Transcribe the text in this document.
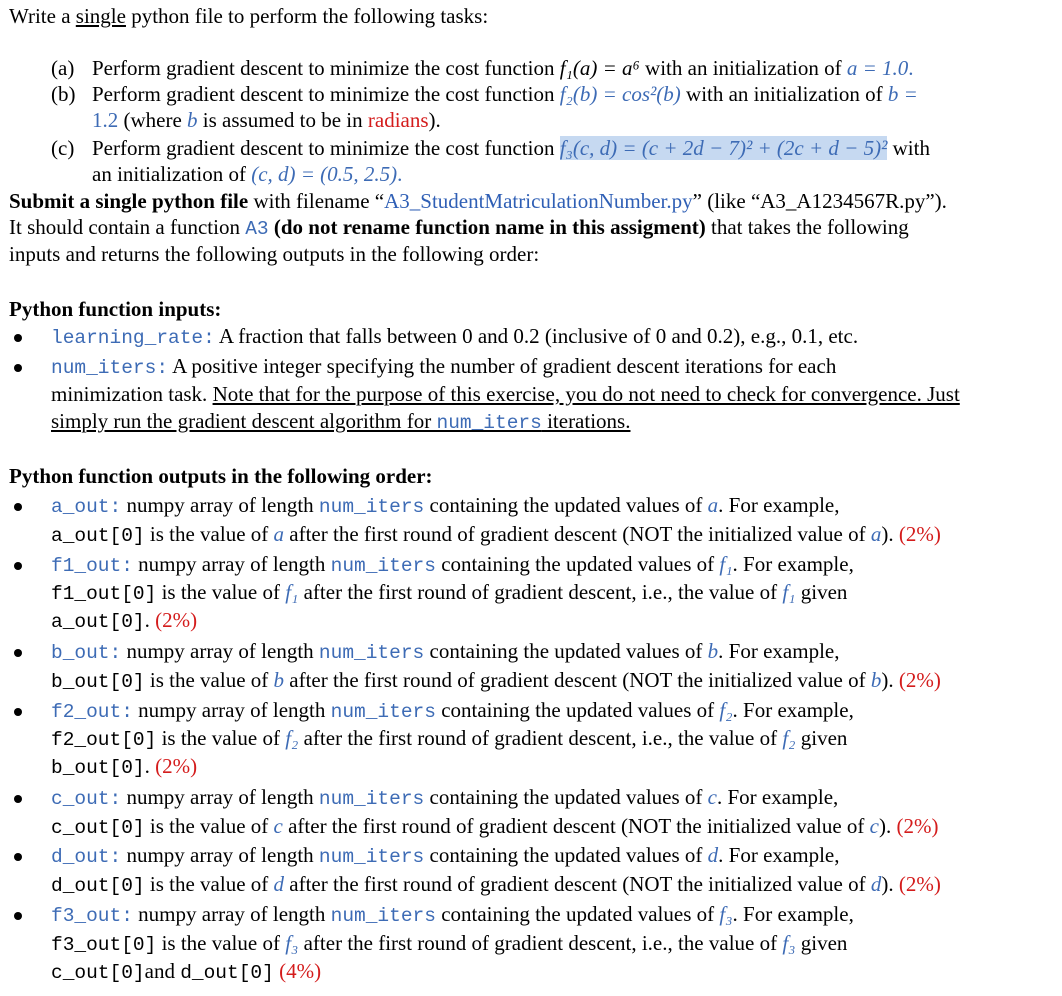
Write a single python file to perform the following tasks:
(a) Perform gradient descent to minimize the cost function f₁(a) = a⁶ with an initialization of a = 1.0.
(b) Perform gradient descent to minimize the cost function f₂(b) = cos²(b) with an initialization of b =
1.2 (where b is assumed to be in radians).
(c) Perform gradient descent to minimize the cost function f₃(c, d) = (c + 2d − 7)² + (2c + d − 5)² with
an initialization of (c, d) = (0.5, 2.5).
Submit a single python file with filename “A3_StudentMatriculationNumber.py” (like “A3_A1234567R.py”).
It should contain a function A3 (do not rename function name in this assigment) that takes the following
inputs and returns the following outputs in the following order:
Python function inputs:
learning_rate: A fraction that falls between 0 and 0.2 (inclusive of 0 and 0.2), e.g., 0.1, etc.
num_iters: A positive integer specifying the number of gradient descent iterations for each
minimization task. Note that for the purpose of this exercise, you do not need to check for convergence. Just
simply run the gradient descent algorithm for num_iters iterations.
Python function outputs in the following order:
a_out: numpy array of length num_iters containing the updated values of a. For example,
a_out[0] is the value of a after the first round of gradient descent (NOT the initialized value of a). (2%)
f1_out: numpy array of length num_iters containing the updated values of f₁. For example,
f1_out[0] is the value of f₁ after the first round of gradient descent, i.e., the value of f₁ given
a_out[0]. (2%)
b_out: numpy array of length num_iters containing the updated values of b. For example,
b_out[0] is the value of b after the first round of gradient descent (NOT the initialized value of b). (2%)
f2_out: numpy array of length num_iters containing the updated values of f₂. For example,
f2_out[0] is the value of f₂ after the first round of gradient descent, i.e., the value of f₂ given
b_out[0]. (2%)
c_out: numpy array of length num_iters containing the updated values of c. For example,
c_out[0] is the value of c after the first round of gradient descent (NOT the initialized value of c). (2%)
d_out: numpy array of length num_iters containing the updated values of d. For example,
d_out[0] is the value of d after the first round of gradient descent (NOT the initialized value of d). (2%)
f3_out: numpy array of length num_iters containing the updated values of f₃. For example,
f3_out[0] is the value of f₃ after the first round of gradient descent, i.e., the value of f₃ given
c_out[0]and d_out[0] (4%)
